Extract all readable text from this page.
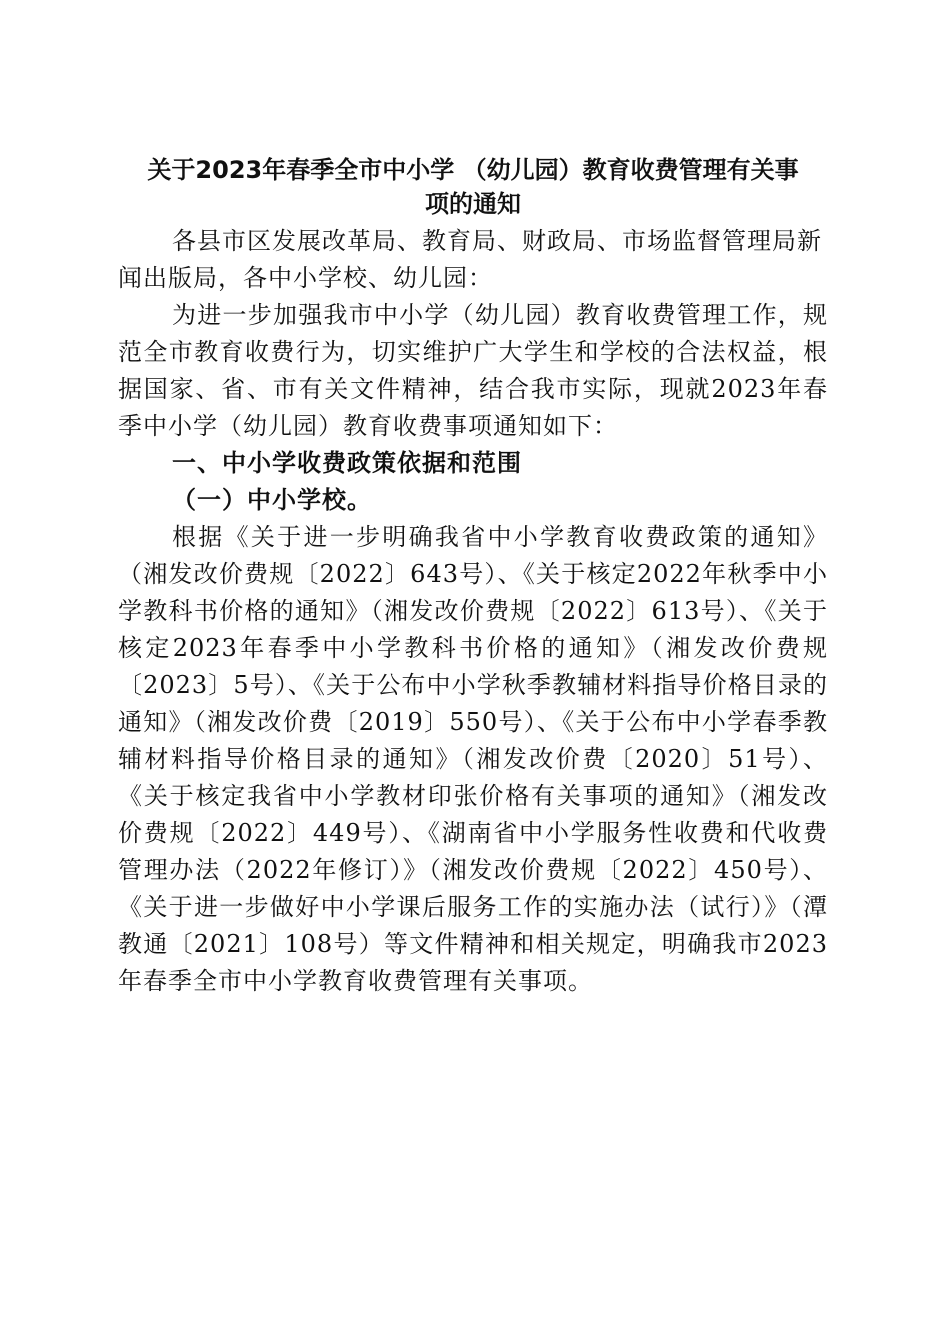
关于2023年春季全市中小学 （幼儿园）教育收费管理有关事
项的通知

各县市区发展改革局、教育局、财政局、市场监督管理局新闻出版局，各中小学校、幼儿园：

为进一步加强我市中小学（幼儿园）教育收费管理工作，规范全市教育收费行为，切实维护广大学生和学校的合法权益，根据国家、省、市有关文件精神，结合我市实际，现就2023年春季中小学（幼儿园）教育收费事项通知如下：

一、中小学收费政策依据和范围

（一）中小学校。

根据《关于进一步明确我省中小学教育收费政策的通知》（湘发改价费规〔2022〕643号）、《关于核定2022年秋季中小学教科书价格的通知》（湘发改价费规〔2022〕613号）、《关于核定2023年春季中小学教科书价格的通知》（湘发改价费规〔2023〕5号）、《关于公布中小学秋季教辅材料指导价格目录的通知》（湘发改价费〔2019〕550号）、《关于公布中小学春季教辅材料指导价格目录的通知》（湘发改价费〔2020〕51号）、《关于核定我省中小学教材印张价格有关事项的通知》（湘发改价费规〔2022〕449号）、《湖南省中小学服务性收费和代收费管理办法（2022年修订）》（湘发改价费规〔2022〕450号）、《关于进一步做好中小学课后服务工作的实施办法（试行）》（潭教通〔2021〕108号）等文件精神和相关规定，明确我市2023年春季全市中小学教育收费管理有关事项。
